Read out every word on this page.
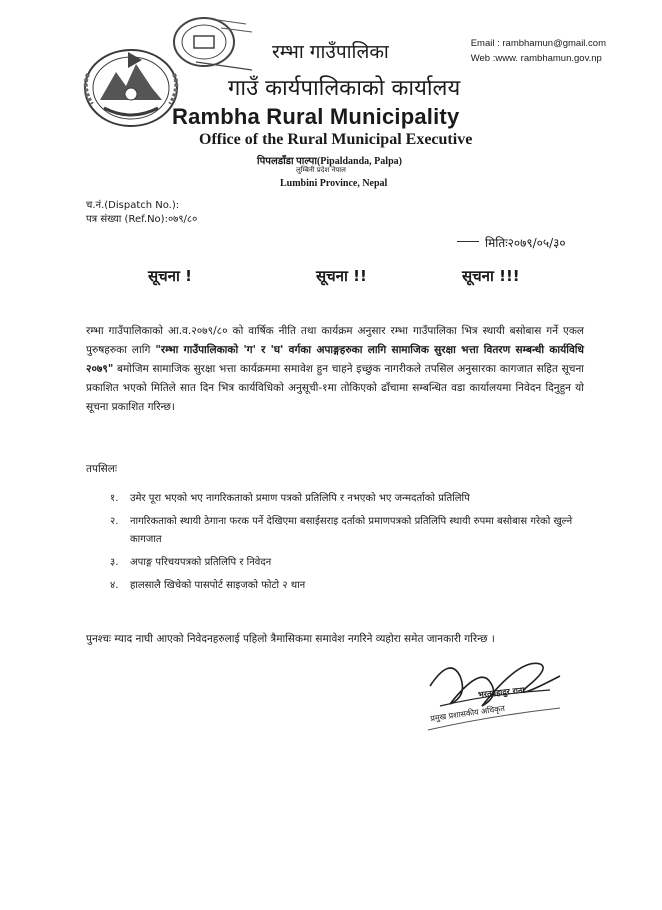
Email : rambhamun@gmail.com
Web :www. rambhamun.gov.np
रम्भा गाउँपालिका
गाउँ कार्यपालिकाको कार्यालय
Rambha Rural Municipality
Office of the Rural Municipal Executive
पिपलडाँडा पाल्पा(Pipaldanda, Palpa)
लुम्बिनी प्रदेश नेपाल
Lumbini Province, Nepal
च.नं.(Dispatch No.):
पत्र संख्या (Ref.No):०७९/८०
मितिः२०७९/०५/३०
सूचना !	सूचना !!	सूचना !!!
रम्भा गाउँपालिकाको आ.व.२०७९/८० को वार्षिक नीति तथा कार्यक्रम अनुसार रम्भा गाउँपालिका भित्र स्थायी बसोबास गर्ने एकल पुरुषहरुका लागि "रम्भा गाउँपालिकाको 'ग' र 'घ' वर्गका अपाङ्गहरुका लागि सामाजिक सुरक्षा भत्ता वितरण सम्बन्धी कार्यविधि २०७९" बमोजिम सामाजिक सुरक्षा भत्ता कार्यक्रममा समावेश हुन चाहने इच्छुक नागरीकले तपसिल अनुसारका कागजात सहित सूचना प्रकाशित भएको मितिले सात दिन भित्र कार्यविधिको अनुसूची-१मा तोकिएको ढाँचामा सम्बन्धित वडा कार्यालयमा निवेदन दिनुहुन यो सूचना प्रकाशित गरिन्छ।
तपसिलः
१.	उमेर पूरा भएको भए नागरिकताको प्रमाण पत्रको प्रतिलिपि र नभएको भए जन्मदर्ताको प्रतिलिपि
२.	नागरिकताको स्थायी ठेगाना फरक पर्ने देखिएमा बसाईसराइ दर्ताको प्रमाणपत्रको प्रतिलिपि स्थायी रुपमा बसोबास गरेको खुल्ने कागजात
३.	अपाङ्ग परिचयपत्रको प्रतिलिपि र निवेदन
४.	हालसालै खिचेको पासपोर्ट साइजको फोटो २ थान
पुनश्चः म्याद नाघी आएको निवेदनहरुलाई पहिलो त्रैमासिकमा समावेश नगरिने व्यहोरा समेत जानकारी गरिन्छ ।
भरतबहादुर राना
प्रमुख प्रशासकीय अधिकृत
